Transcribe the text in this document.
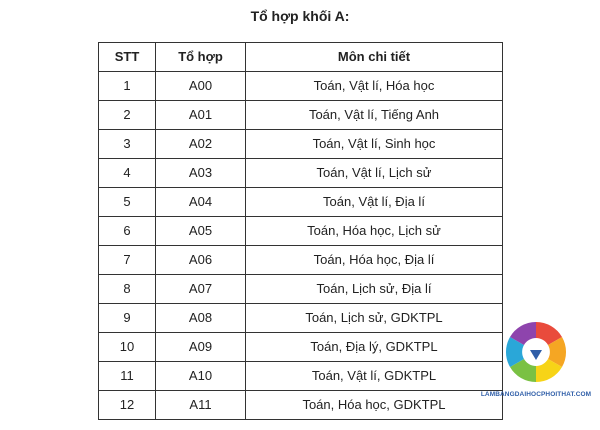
Tổ hợp khối A:
STT	Tổ hợp	Môn chi tiết
1	A00	Toán, Vật lí, Hóa học
2	A01	Toán, Vật lí, Tiếng Anh
3	A02	Toán, Vật lí, Sinh học
4	A03	Toán, Vật lí, Lịch sử
5	A04	Toán, Vật lí, Địa lí
6	A05	Toán, Hóa học, Lịch sử
7	A06	Toán, Hóa học, Địa lí
8	A07	Toán, Lịch sử, Địa lí
9	A08	Toán, Lịch sử, GDKTPL
10	A09	Toán, Địa lý, GDKTPL
11	A10	Toán, Vật lí, GDKTPL
12	A11	Toán, Hóa học, GDKTPL
LAMBANGDAIHOCPHOITHAT.COM
